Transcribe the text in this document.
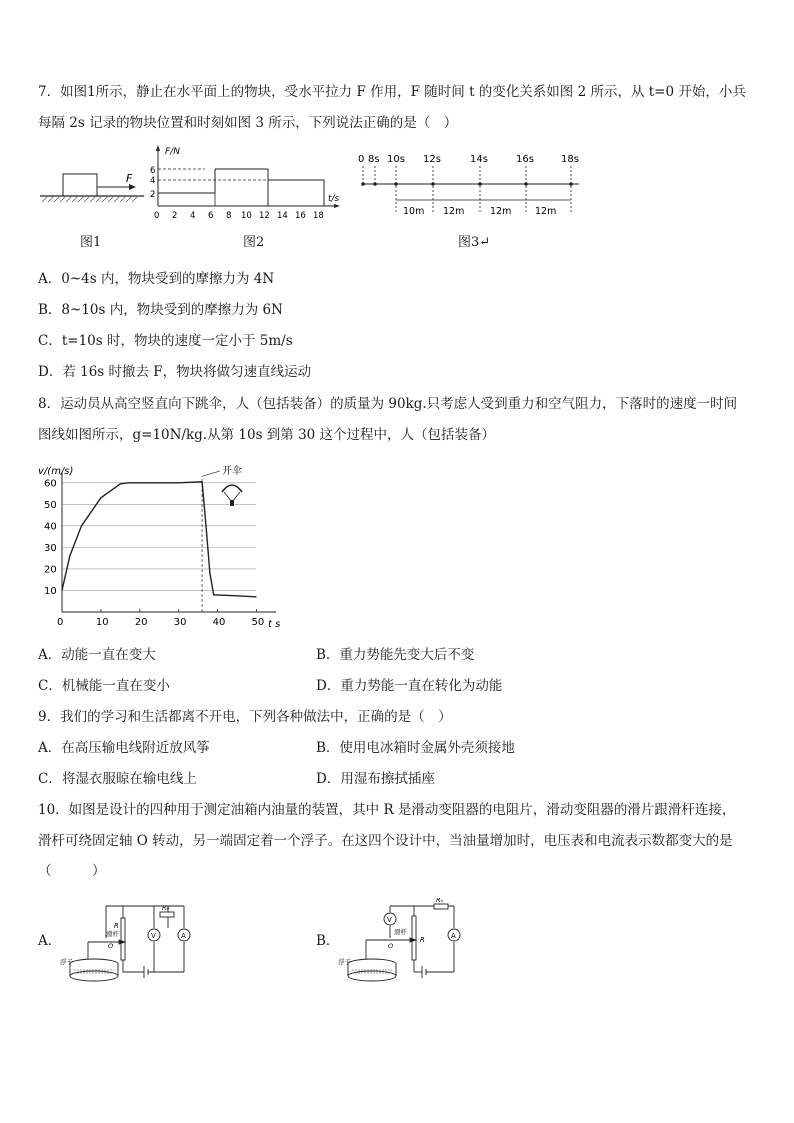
7．如图1所示，静止在水平面上的物块，受水平拉力 F 作用，F 随时间 t 的变化关系如图 2 所示，从 t=0 开始，小兵
每隔 2s 记录的物块位置和时刻如图 3 所示，下列说法正确的是（　）
F
图1
F/N
t/s
6
4
2
0 2 4 6 8 10 12 14 16 18
图2
0 8s 10s 12s	14s	16s	18s
10m 12m	12m 12m
图3↵
A．0~4s 内，物块受到的摩擦力为 4N
B．8~10s 内，物块受到的摩擦力为 6N
C．t=10s 时，物块的速度一定小于 5m/s
D．若 16s 时撤去 F，物块将做匀速直线运动
8．运动员从高空竖直向下跳伞，人（包括装备）的质量为 90kg.只考虑人受到重力和空气阻力，下落时的速度一时间
图线如图所示，g=10N/kg.从第 10s 到第 30 这个过程中，人（包括装备）
v/(m/s)
t s
60
50
40
30
20
10
0	10	20	30	40	50
开伞
A．动能一直在变大	B．重力势能先变大后不变
C．机械能一直在变小	D．重力势能一直在转化为动能
9．我们的学习和生活都离不开电，下列各种做法中，正确的是（　）
A．在高压输电线附近放风筝	B．使用电冰箱时金属外壳须接地
C．将湿衣服晾在输电线上	D．用湿布擦拭插座
10．如图是设计的四种用于测定油箱内油量的装置，其中 R 是滑动变阻器的电阻片，滑动变阻器的滑片跟滑杆连接，
滑杆可绕固定轴 O 转动，另一端固定着一个浮子。在这四个设计中，当油量增加时，电压表和电流表示数都变大的是
（　　　）
A．	V	A
R
R₀
滑杆
O
浮子
B．
V
A
R
R₀
滑杆
O
浮子
